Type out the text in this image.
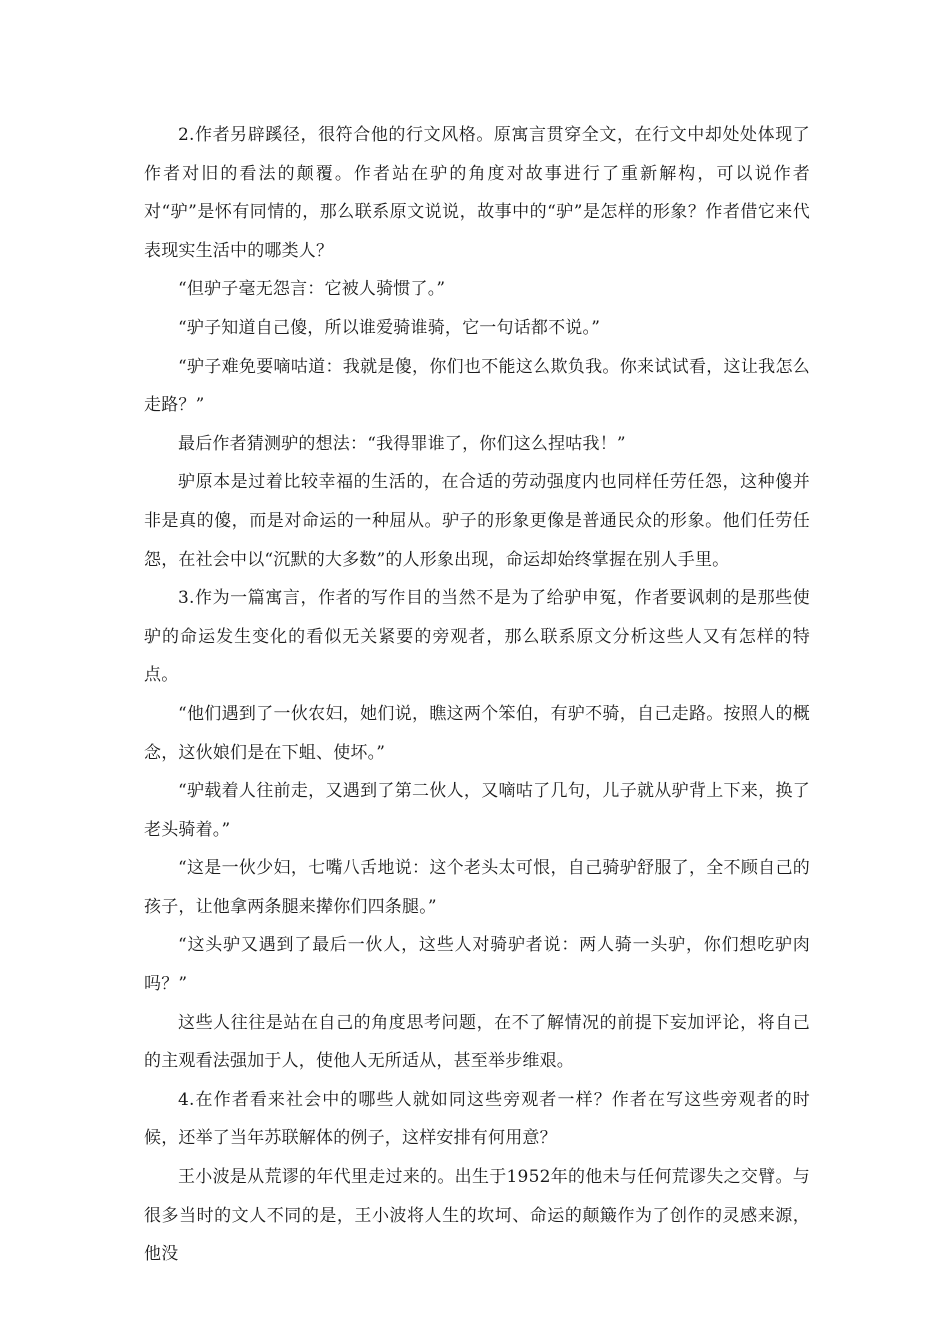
2.作者另辟蹊径，很符合他的行文风格。原寓言贯穿全文，在行文中却处处体现了作者对旧的看法的颠覆。作者站在驴的角度对故事进行了重新解构，可以说作者对“驴”是怀有同情的，那么联系原文说说，故事中的“驴”是怎样的形象？作者借它来代表现实生活中的哪类人？

“但驴子毫无怨言：它被人骑惯了。”

“驴子知道自己傻，所以谁爱骑谁骑，它一句话都不说。”

“驴子难免要嘀咕道：我就是傻，你们也不能这么欺负我。你来试试看，这让我怎么走路？”

最后作者猜测驴的想法：“我得罪谁了，你们这么捏咕我！”

驴原本是过着比较幸福的生活的，在合适的劳动强度内也同样任劳任怨，这种傻并非是真的傻，而是对命运的一种屈从。驴子的形象更像是普通民众的形象。他们任劳任怨，在社会中以“沉默的大多数”的人形象出现，命运却始终掌握在别人手里。

3.作为一篇寓言，作者的写作目的当然不是为了给驴申冤，作者要讽刺的是那些使驴的命运发生变化的看似无关紧要的旁观者，那么联系原文分析这些人又有怎样的特点。

“他们遇到了一伙农妇，她们说，瞧这两个笨伯，有驴不骑，自己走路。按照人的概念，这伙娘们是在下蛆、使坏。”

“驴载着人往前走，又遇到了第二伙人，又嘀咕了几句，儿子就从驴背上下来，换了老头骑着。”

“这是一伙少妇，七嘴八舌地说：这个老头太可恨，自己骑驴舒服了，全不顾自己的孩子，让他拿两条腿来撵你们四条腿。”

“这头驴又遇到了最后一伙人，这些人对骑驴者说：两人骑一头驴，你们想吃驴肉吗？”

这些人往往是站在自己的角度思考问题，在不了解情况的前提下妄加评论，将自己的主观看法强加于人，使他人无所适从，甚至举步维艰。

4.在作者看来社会中的哪些人就如同这些旁观者一样？作者在写这些旁观者的时候，还举了当年苏联解体的例子，这样安排有何用意？

王小波是从荒谬的年代里走过来的。出生于1952年的他未与任何荒谬失之交臂。与很多当时的文人不同的是，王小波将人生的坎坷、命运的颠簸作为了创作的灵感来源，他没
